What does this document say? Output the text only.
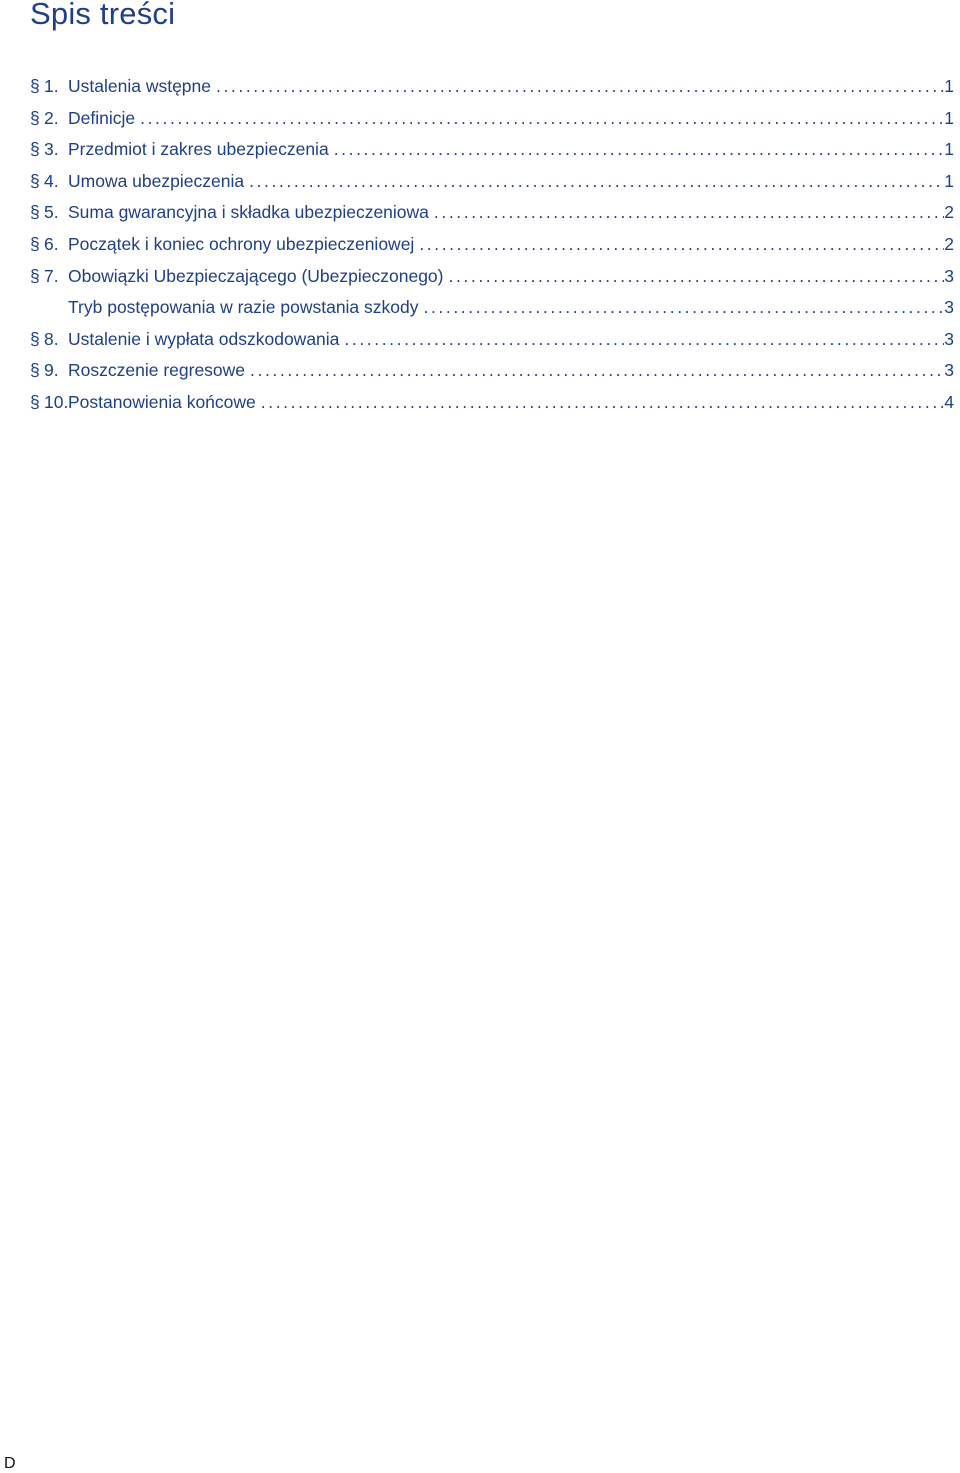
Spis treści
§ 1. Ustalenia wstępne .....	1
§ 2. Definicje .....	1
§ 3. Przedmiot i zakres ubezpieczenia .....	1
§ 4. Umowa ubezpieczenia .....	1
§ 5. Suma gwarancyjna i składka ubezpieczeniowa .....	2
§ 6. Początek i koniec ochrony ubezpieczeniowej .....	2
§ 7. Obowiązki Ubezpieczającego (Ubezpieczonego) .....	3
Tryb postępowania w razie powstania szkody .....	3
§ 8. Ustalenie i wypłata odszkodowania .....	3
§ 9. Roszczenie regresowe .....	3
§ 10. Postanowienia końcowe .....	4
D
